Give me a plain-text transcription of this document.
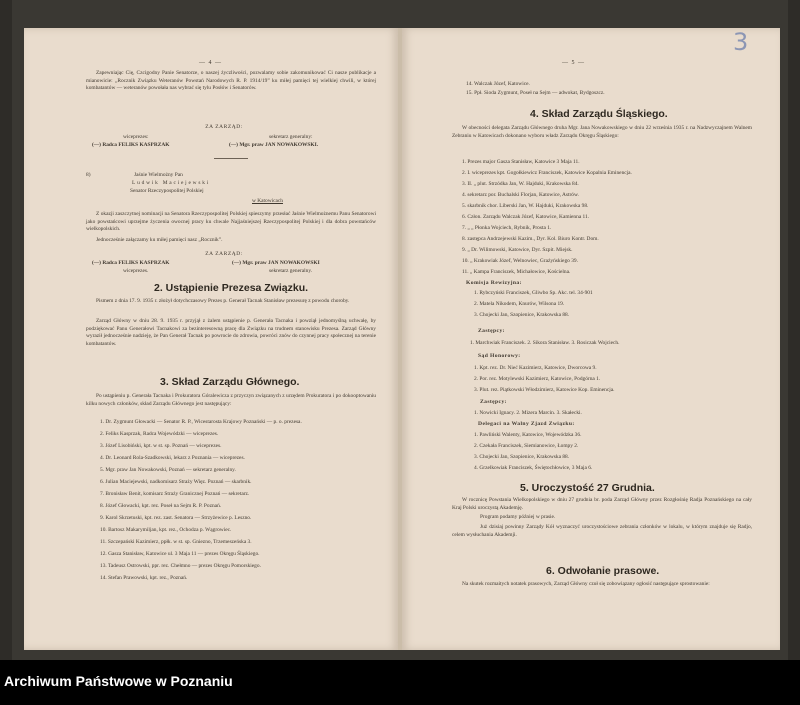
— 4 —
Zapewniając Cię, Czcigodny Panie Senatorze, o naszej życzliwości, pozwalamy sobie zakomunikować Ci nasze publikacje a mianowicie: „Rocznik Związku Weteranów Powstań Narodowych R. P. 1914/19” ku miłej pamięci tej wielkiej chwili, w której kombatantów — weteranów powołała nas wybrać się tylu Posłów i Senatorów.
ZA ZARZĄD:
wiceprezes:
(—) Radca FELIKS KASPRZAK
sekretarz generalny:
(—) Mgr. praw JAN NOWAKOWSKI.
8)	Jaśnie Wielmożny Pan
Ludwik Maciejewski
Senator Rzeczypospolitej Polskiej
w Katowicach
Z okazji zaszczytnej nominacji na Senatora Rzeczypospolitej Polskiej spieszymy przesłać Jaśnie Wielmożnemu Panu Senatorowi jako powstańcowi uprzejme życzenia owocnej pracy ku chwale Najjaśniejszej Rzeczypospolitej Polskiej i dla dobra powstańców wielkopolskich.
Jednocześnie załączamy ku miłej pamięci nasz „Rocznik”.
ZA ZARZĄD:
(—) Radca FELIKS KASPRZAK
wiceprezes.
(—) Mgr. praw JAN NOWAKOWSKI
sekretarz generalny.
2. Ustąpienie Prezesa Związku.
Pismem z dnia 17. 9. 1935 r. złożył dotychczasowy Prezes p. Generał Tacnak Stanisław prezesurę z powodu choroby.
Zarząd Główny w dniu 28. 9. 1935 r. przyjął z żalem ustąpienie p. Generała Tacnaka i powziął jednomyślną uchwałę, by podziękować Panu Generałowi Tacnakowi za bezinteresowną pracę dla Związku na trudnem stanowisku Prezesa. Zarząd Główny wyraził jednocześnie nadzieję, że Pan Generał Tacnak po powrocie do zdrowia, powróci znów do czynnej pracy społecznej na terenie kombatantów.
3. Skład Zarządu Głównego.
Po ustąpieniu p. Generała Tacnaka i Prokuratora Góralewicza z przyczyn związanych z urzędem Prokuratora i po dokooptowaniu kilku nowych członków, skład Zarządu Głównego jest następujący:
1. Dr. Zygmunt Głowacki — Senator R. P., Wicestarosta Krajowy Poznański — p. o. prezesa.
2. Feliks Kasprzak, Radca Wojewódzki — wiceprezes.
3. Józef Lisobiński, kpt. w st. sp. Poznań — wiceprezes.
4. Dr. Leonard Rola-Szadkowski, lekarz z Poznania — wiceprezes.
5. Mgr. praw Jan Nowakowski, Poznań — sekretarz generalny.
6. Julian Maciejewski, nadkomisarz Straży Więz. Poznań — skarbnik.
7. Bronisław Benit, komisarz Straży Granicznej Poznań — sekretarz.
8. Józef Głowacki, kpt. rez. Poseł na Sejm R. P. Poznań.
9. Karol Skrzetuski, kpt. rez. zast. Senatora — Strzyżewice p. Leszno.
10. Bartosz Makarymiljan, kpt. rez., Ochodza p. Wągrowiec.
11. Szczepański Kazimierz, ppłk. w st. sp. Gniezno, Trzemeszeńska 3.
12. Gasza Stanisław, Katowice ul. 3 Maja 11 — prezes Okręgu Śląskiego.
13. Tadeusz Ostrowski, ppr. rez. Chełmno — prezes Okręgu Pomorskiego.
14. Stefan Prawowski, kpt. rez., Poznań.
— 5 —
14. Walczak Józef, Katowice.
15. Ppł. Sioda Zygmunt, Poseł na Sejm — adwokat, Bydgoszcz.
4. Skład Zarządu Śląskiego.
W obecności delegata Zarządu Głównego druha Mgr. Jana Nowakowskiego w dniu 22 września 1935 r. na Nadzwyczajnem Walnem Zebraniu w Katowicach dokonano wyboru władz Zarządu Okręgu Śląskiego:
1. Prezes major Gasza Stanisław, Katowice 3 Maja 11.
2. I. wiceprezes kpt. Gogołkiewicz Franciszek, Katowice Kopalnia Eminencja.
3. II. „ plut. Strzódka Jan, W. Hajduki, Krakowska 84.
4. sekretarz por. Buchalski Florjan, Katowice, Astrów.
5. skarbnik chor. Liberski Jan, W. Hajduki, Krakowska 98.
6. Człon. Zarządu Walczak Józef, Katowice, Kamienna 11.
7. „ „ Płonka Wojciech, Rybnik, Prosta 1.
8. zastępca Andrzejewski Kazim., Dyr. Kol. Biuro Kontr. Dom.
9. „ Dr. Wilimowski, Katowice, Dyr. Szpit. Miejsk.
10. „ Krakowiak Józef, Welnowiec, Grażyńskiego 39.
11. „ Kampa Franciszek, Michałowice, Kościelna.
Komisja Rewizyjna:
1. Rybczyński Franciszek, Gliwbo Sp. Akc. tel. 34-901
2. Matela Nikodem, Knurów, Wilsona 19.
3. Chojecki Jan, Szopienice, Krakowska 88.
Zastępcy:
1. Marchwiak Franciszek. 2. Sikora Stanisław. 3. Rosiczak Wojciech.
Sąd Honorowy:
1. Kpt. rez. Dr. Nieć Kazimierz, Katowice, Dworcowa 9.
2. Por. rez. Motylewski Kazimierz, Katowice, Podgórna 1.
3. Plut. rez. Piątkowski Włodzimierz, Katowice Kop. Eminencja.
Zastępcy:
1. Nowicki Ignacy. 2. Mizera Marcin. 3. Skałecki.
Delegaci na Walny Zjazd Związku:
1. Pawliński Walenty, Katowice, Wojewódzka 36.
2. Czekała Franciszek, Siemianowice, Łompy 2.
3. Chojecki Jan, Szopienice, Krakowska 88.
4. Grzelkowiak Franciszek, Świętochłowice, 3 Maja 6.
5. Uroczystość 27 Grudnia.
W rocznicę Powstania Wielkopolskiego w dniu 27 grudnia br. poda Zarząd Główny przez Rozgłośnię Radja Poznańskiego na cały Kraj Polski uroczystą Akademję.
Program podamy później w prasie.
Już dzisiaj powinny Zarządy Kół wyznaczyć uroczystościowe zebrania członków w lokalu, w którym znajduje się Radjo, celem wysłuchania Akademji.
6. Odwołanie prasowe.
Na skutek rozmaitych notatek prasowych, Zarząd Główny czuł się zobowiązany ogłosić następujące sprostowanie:
3
Archiwum Państwowe w Poznaniu
